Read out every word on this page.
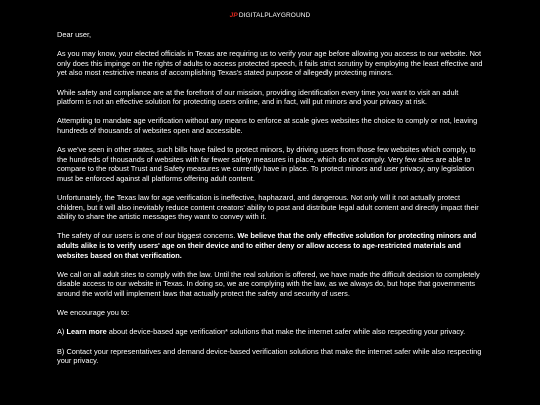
JP DIGITALPLAYGROUND

Dear user,

As you may know, your elected officials in Texas are requiring us to verify your age before allowing you access to our website. Not only does this impinge on the rights of adults to access protected speech, it fails strict scrutiny by employing the least effective and yet also most restrictive means of accomplishing Texas's stated purpose of allegedly protecting minors.

While safety and compliance are at the forefront of our mission, providing identification every time you want to visit an adult platform is not an effective solution for protecting users online, and in fact, will put minors and your privacy at risk.

Attempting to mandate age verification without any means to enforce at scale gives websites the choice to comply or not, leaving hundreds of thousands of websites open and accessible.

As we've seen in other states, such bills have failed to protect minors, by driving users from those few websites which comply, to the hundreds of thousands of websites with far fewer safety measures in place, which do not comply. Very few sites are able to compare to the robust Trust and Safety measures we currently have in place. To protect minors and user privacy, any legislation must be enforced against all platforms offering adult content.

Unfortunately, the Texas law for age verification is ineffective, haphazard, and dangerous. Not only will it not actually protect children, but it will also inevitably reduce content creators' ability to post and distribute legal adult content and directly impact their ability to share the artistic messages they want to convey with it.

The safety of our users is one of our biggest concerns. We believe that the only effective solution for protecting minors and adults alike is to verify users' age on their device and to either deny or allow access to age-restricted materials and websites based on that verification.

We call on all adult sites to comply with the law. Until the real solution is offered, we have made the difficult decision to completely disable access to our website in Texas. In doing so, we are complying with the law, as we always do, but hope that governments around the world will implement laws that actually protect the safety and security of users.

We encourage you to:

A) Learn more about device-based age verification* solutions that make the internet safer while also respecting your privacy.

B) Contact your representatives and demand device-based verification solutions that make the internet safer while also respecting your privacy.
